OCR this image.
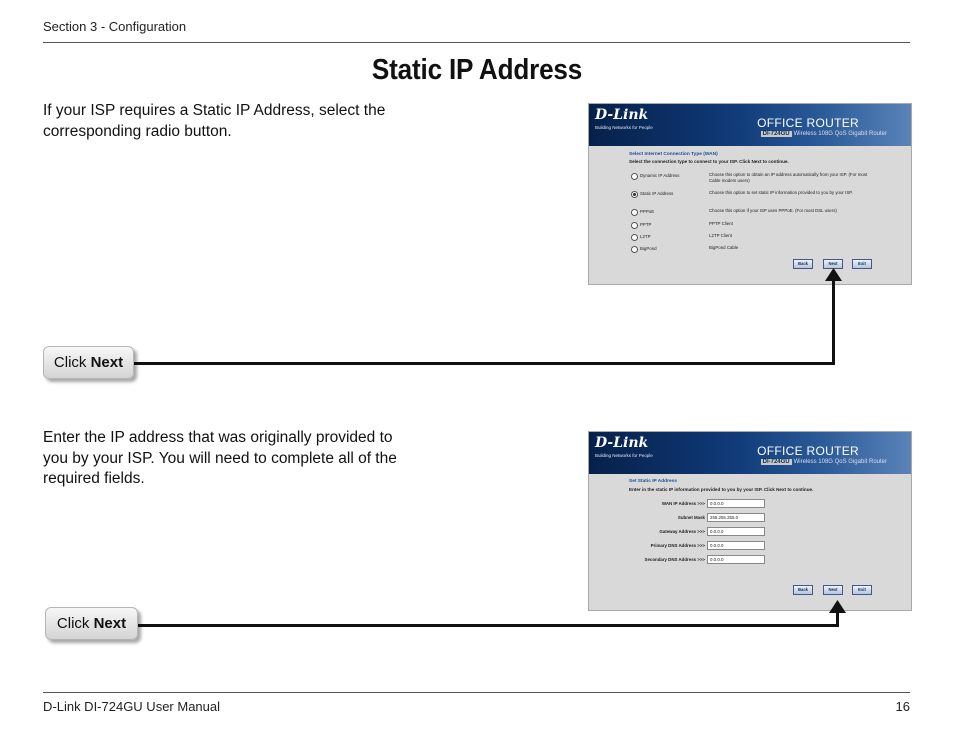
Section 3 - Configuration
Static IP Address
If your ISP requires a Static IP Address, select the
corresponding radio button.
D-Link
Building Networks for People	OFFICE ROUTER
DI-724GU Wireless 108G QoS Gigabit Router
Select Internet Connection Type (WAN)
Select the connection type to connect to your ISP. Click Next to continue.
Dynamic IP Address	Choose this option to obtain an IP address automatically from your ISP. (For most Cable modem users)
Static IP Address	Choose this option to set static IP information provided to you by your ISP.
PPPoE	Choose this option if your ISP uses PPPoE. (For most DSL users)
PPTP	PPTP Client
L2TP	L2TP Client
BigPond	BigPond Cable
Back	Next	Exit
Click Next
Enter the IP address that was originally provided to
you by your ISP. You will need to complete all of the
required fields.
D-Link
Building Networks for People	OFFICE ROUTER
DI-724GU Wireless 108G QoS Gigabit Router
Set Static IP Address
Enter in the static IP information provided to you by your ISP. Click Next to continue.
WAN IP Address >>>	0.0.0.0
Subnet Mask	255.255.255.0
Gateway Address >>>	0.0.0.0
Primary DNS Address >>>	0.0.0.0
Secondary DNS Address >>>	0.0.0.0
Back	Next	Exit
Click Next
D-Link DI-724GU User Manual	16
